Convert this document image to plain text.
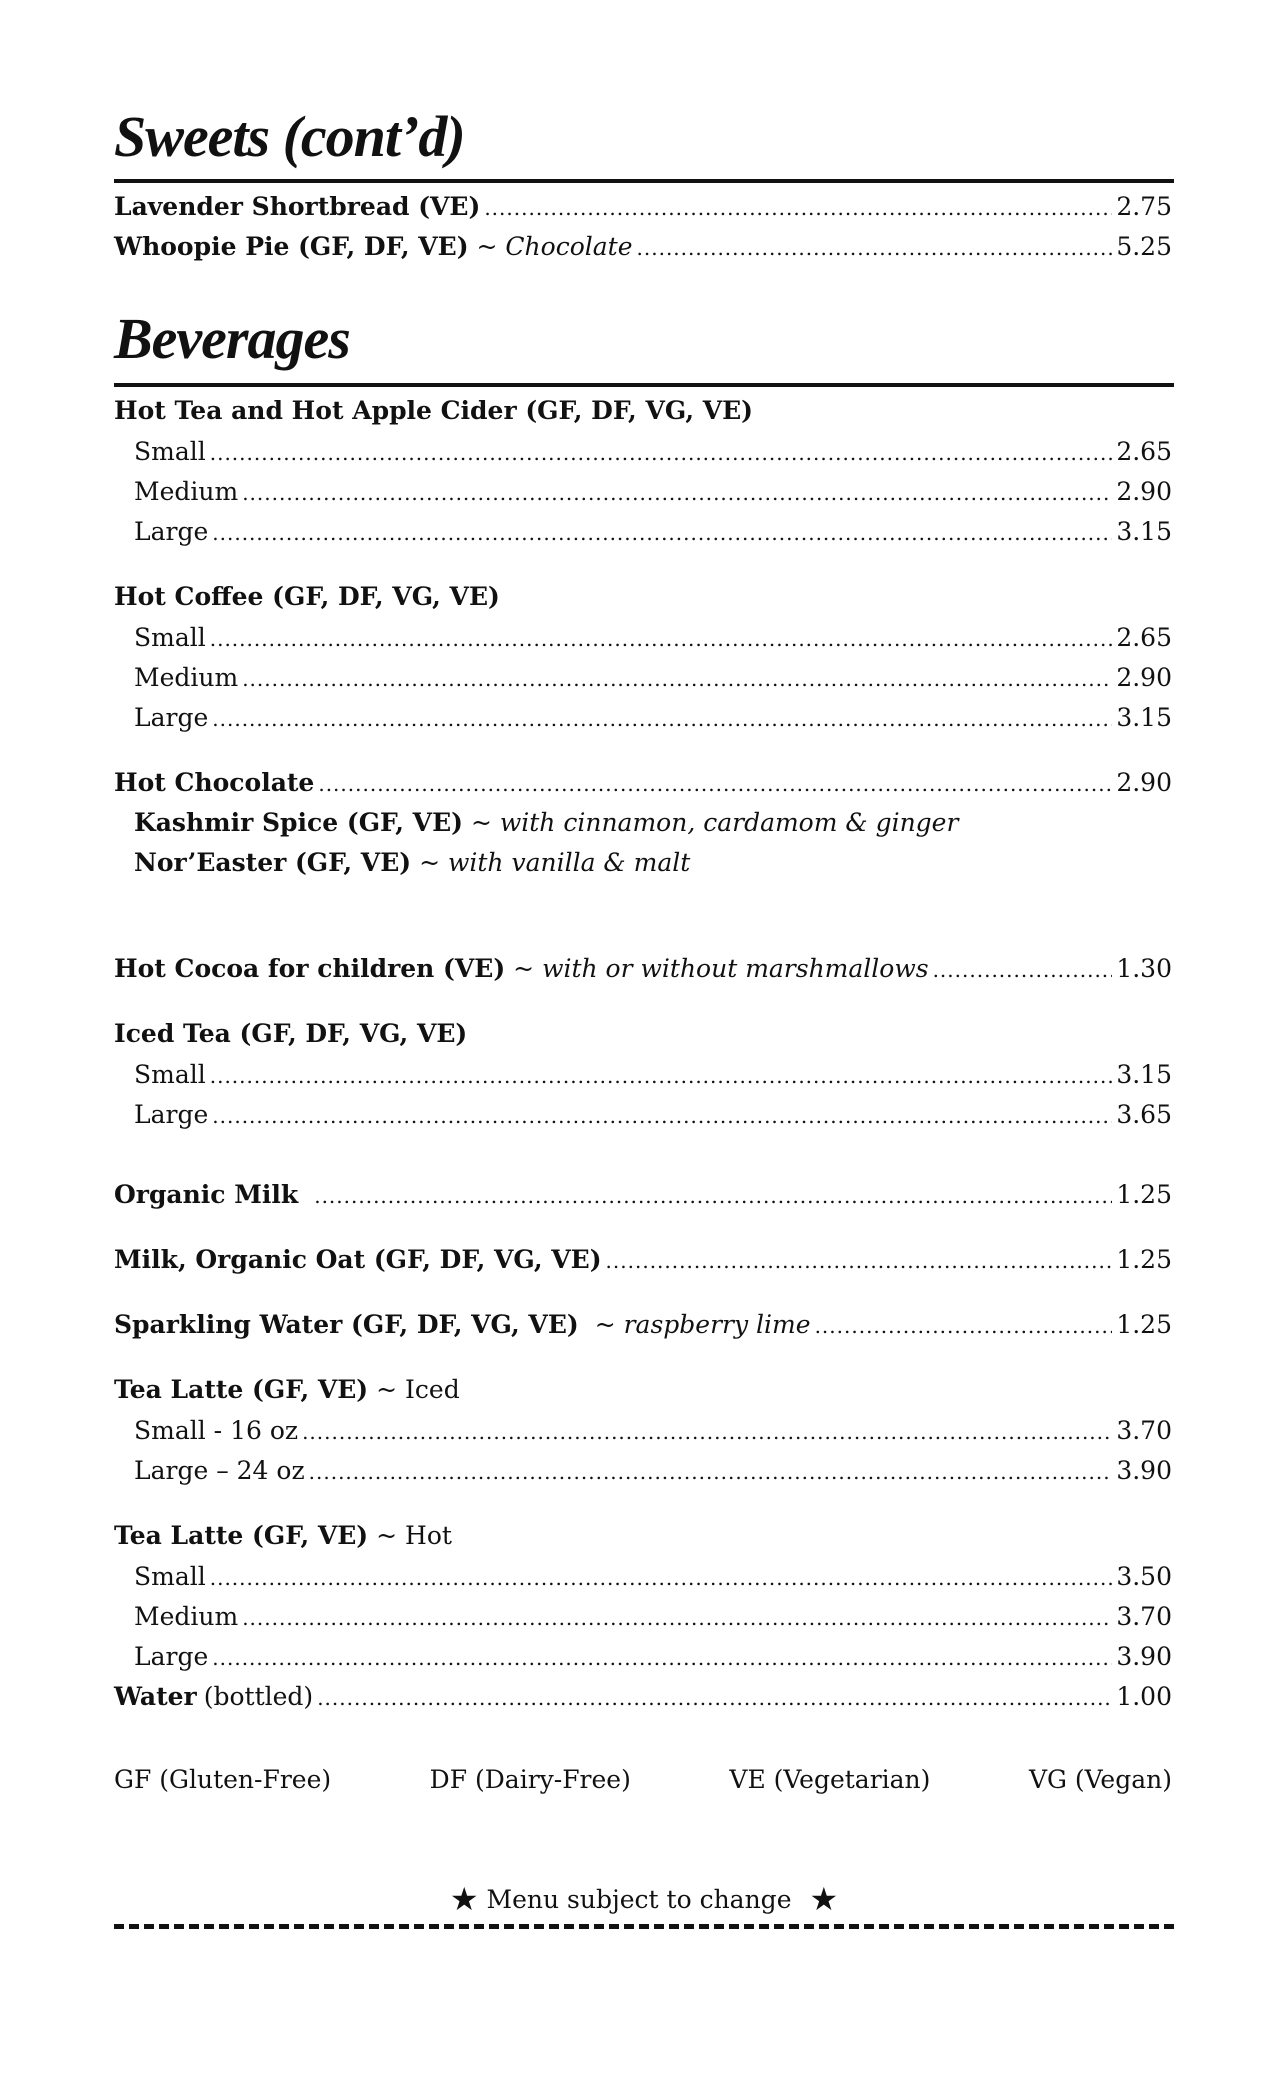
Sweets (cont’d)
Lavender Shortbread (VE) .....	2.75
Whoopie Pie (GF, DF, VE) ~ Chocolate .....	5.25
Beverages
Hot Tea and Hot Apple Cider (GF, DF, VG, VE)
Small .....	2.65
Medium .....	2.90
Large .....	3.15
Hot Coffee (GF, DF, VG, VE)
Small .....	2.65
Medium .....	2.90
Large .....	3.15
Hot Chocolate .....	2.90
Kashmir Spice (GF, VE) ~ with cinnamon, cardamom & ginger
Nor’Easter (GF, VE) ~ with vanilla & malt
Hot Cocoa for children (VE) ~ with or without marshmallows .....	1.30
Iced Tea (GF, DF, VG, VE)
Small .....	3.15
Large .....	3.65
Organic Milk .....	1.25
Milk, Organic Oat (GF, DF, VG, VE) .....	1.25
Sparkling Water (GF, DF, VG, VE) ~ raspberry lime .....	1.25
Tea Latte (GF, VE) ~ Iced
Small - 16 oz .....	3.70
Large – 24 oz .....	3.90
Tea Latte (GF, VE) ~ Hot
Small .....	3.50
Medium .....	3.70
Large .....	3.90
Water (bottled) .....	1.00
GF (Gluten-Free)	DF (Dairy-Free)	VE (Vegetarian)	VG (Vegan)
★ Menu subject to change ★
